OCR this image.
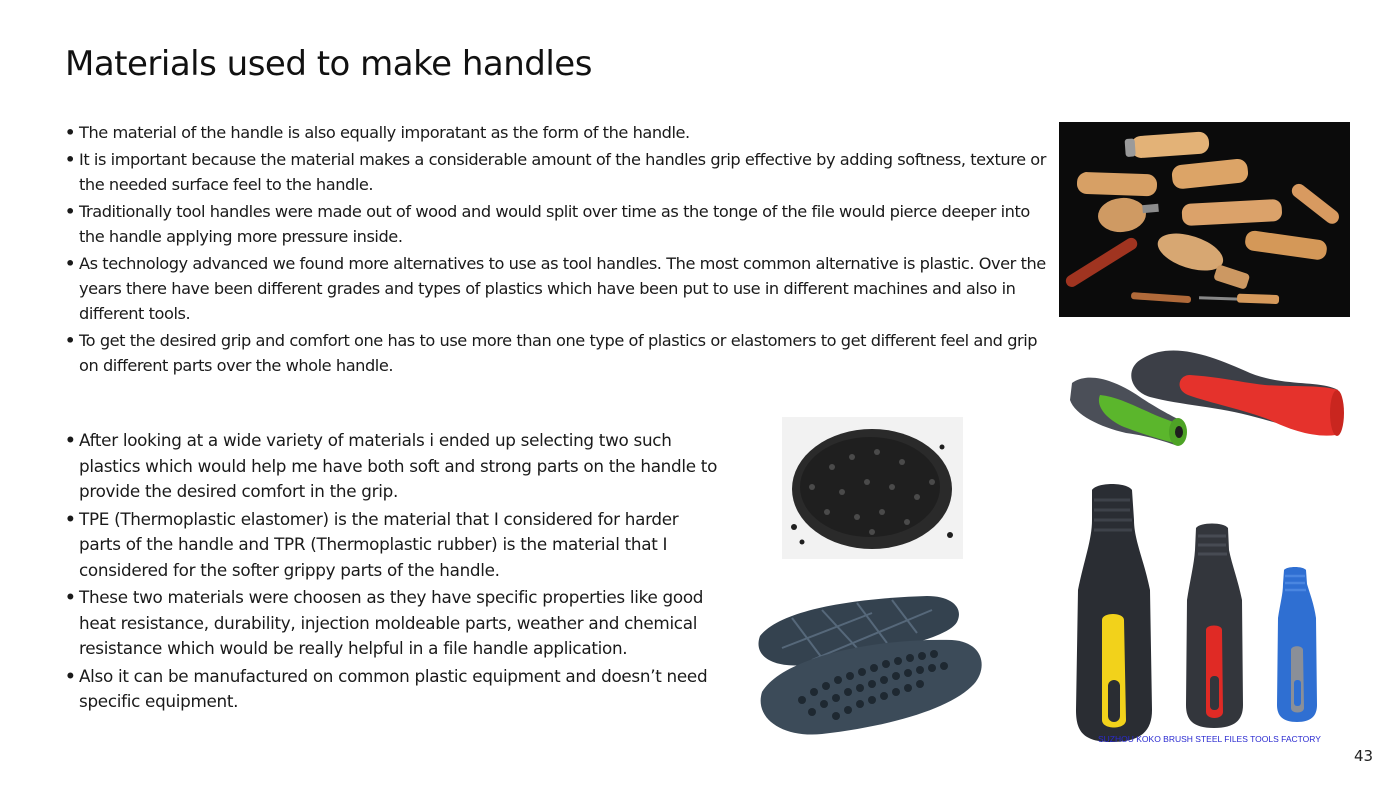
Materials used to make handles
• The material of the handle is also equally imporatant as the form of the handle.
• It is important because the material makes a considerable amount of the handles grip effective by adding softness, texture or the needed surface feel to the handle.
• Traditionally tool handles were made out of wood and would split over time as the tonge of the file would pierce deeper into the handle applying more pressure inside.
• As technology advanced we found more alternatives to use as tool handles. The most common alternative is plastic. Over the years there have been different grades and types of plastics which have been put to use in different machines and also in different tools.
• To get the desired grip and comfort one has to use more than one type of plastics or elastomers to get different feel and grip on different parts over the whole handle.
• After looking at a wide variety of materials i ended up selecting two such plastics which would help me have both soft and strong parts on the handle to provide the desired comfort in the grip.
• TPE (Thermoplastic elastomer) is the material that I considered for harder parts of the handle and TPR (Thermoplastic rubber) is the material that I considered for the softer grippy parts of the handle.
• These two materials were choosen as they have specific properties like good heat resistance, durability, injection moldeable parts, weather and chemical resistance which would be really helpful in a file handle application.
• Also it can be manufactured on common plastic equipment and doesn’t need specific equipment.
SUZHOU KOKO BRUSH STEEL FILES TOOLS FACTORY
43
